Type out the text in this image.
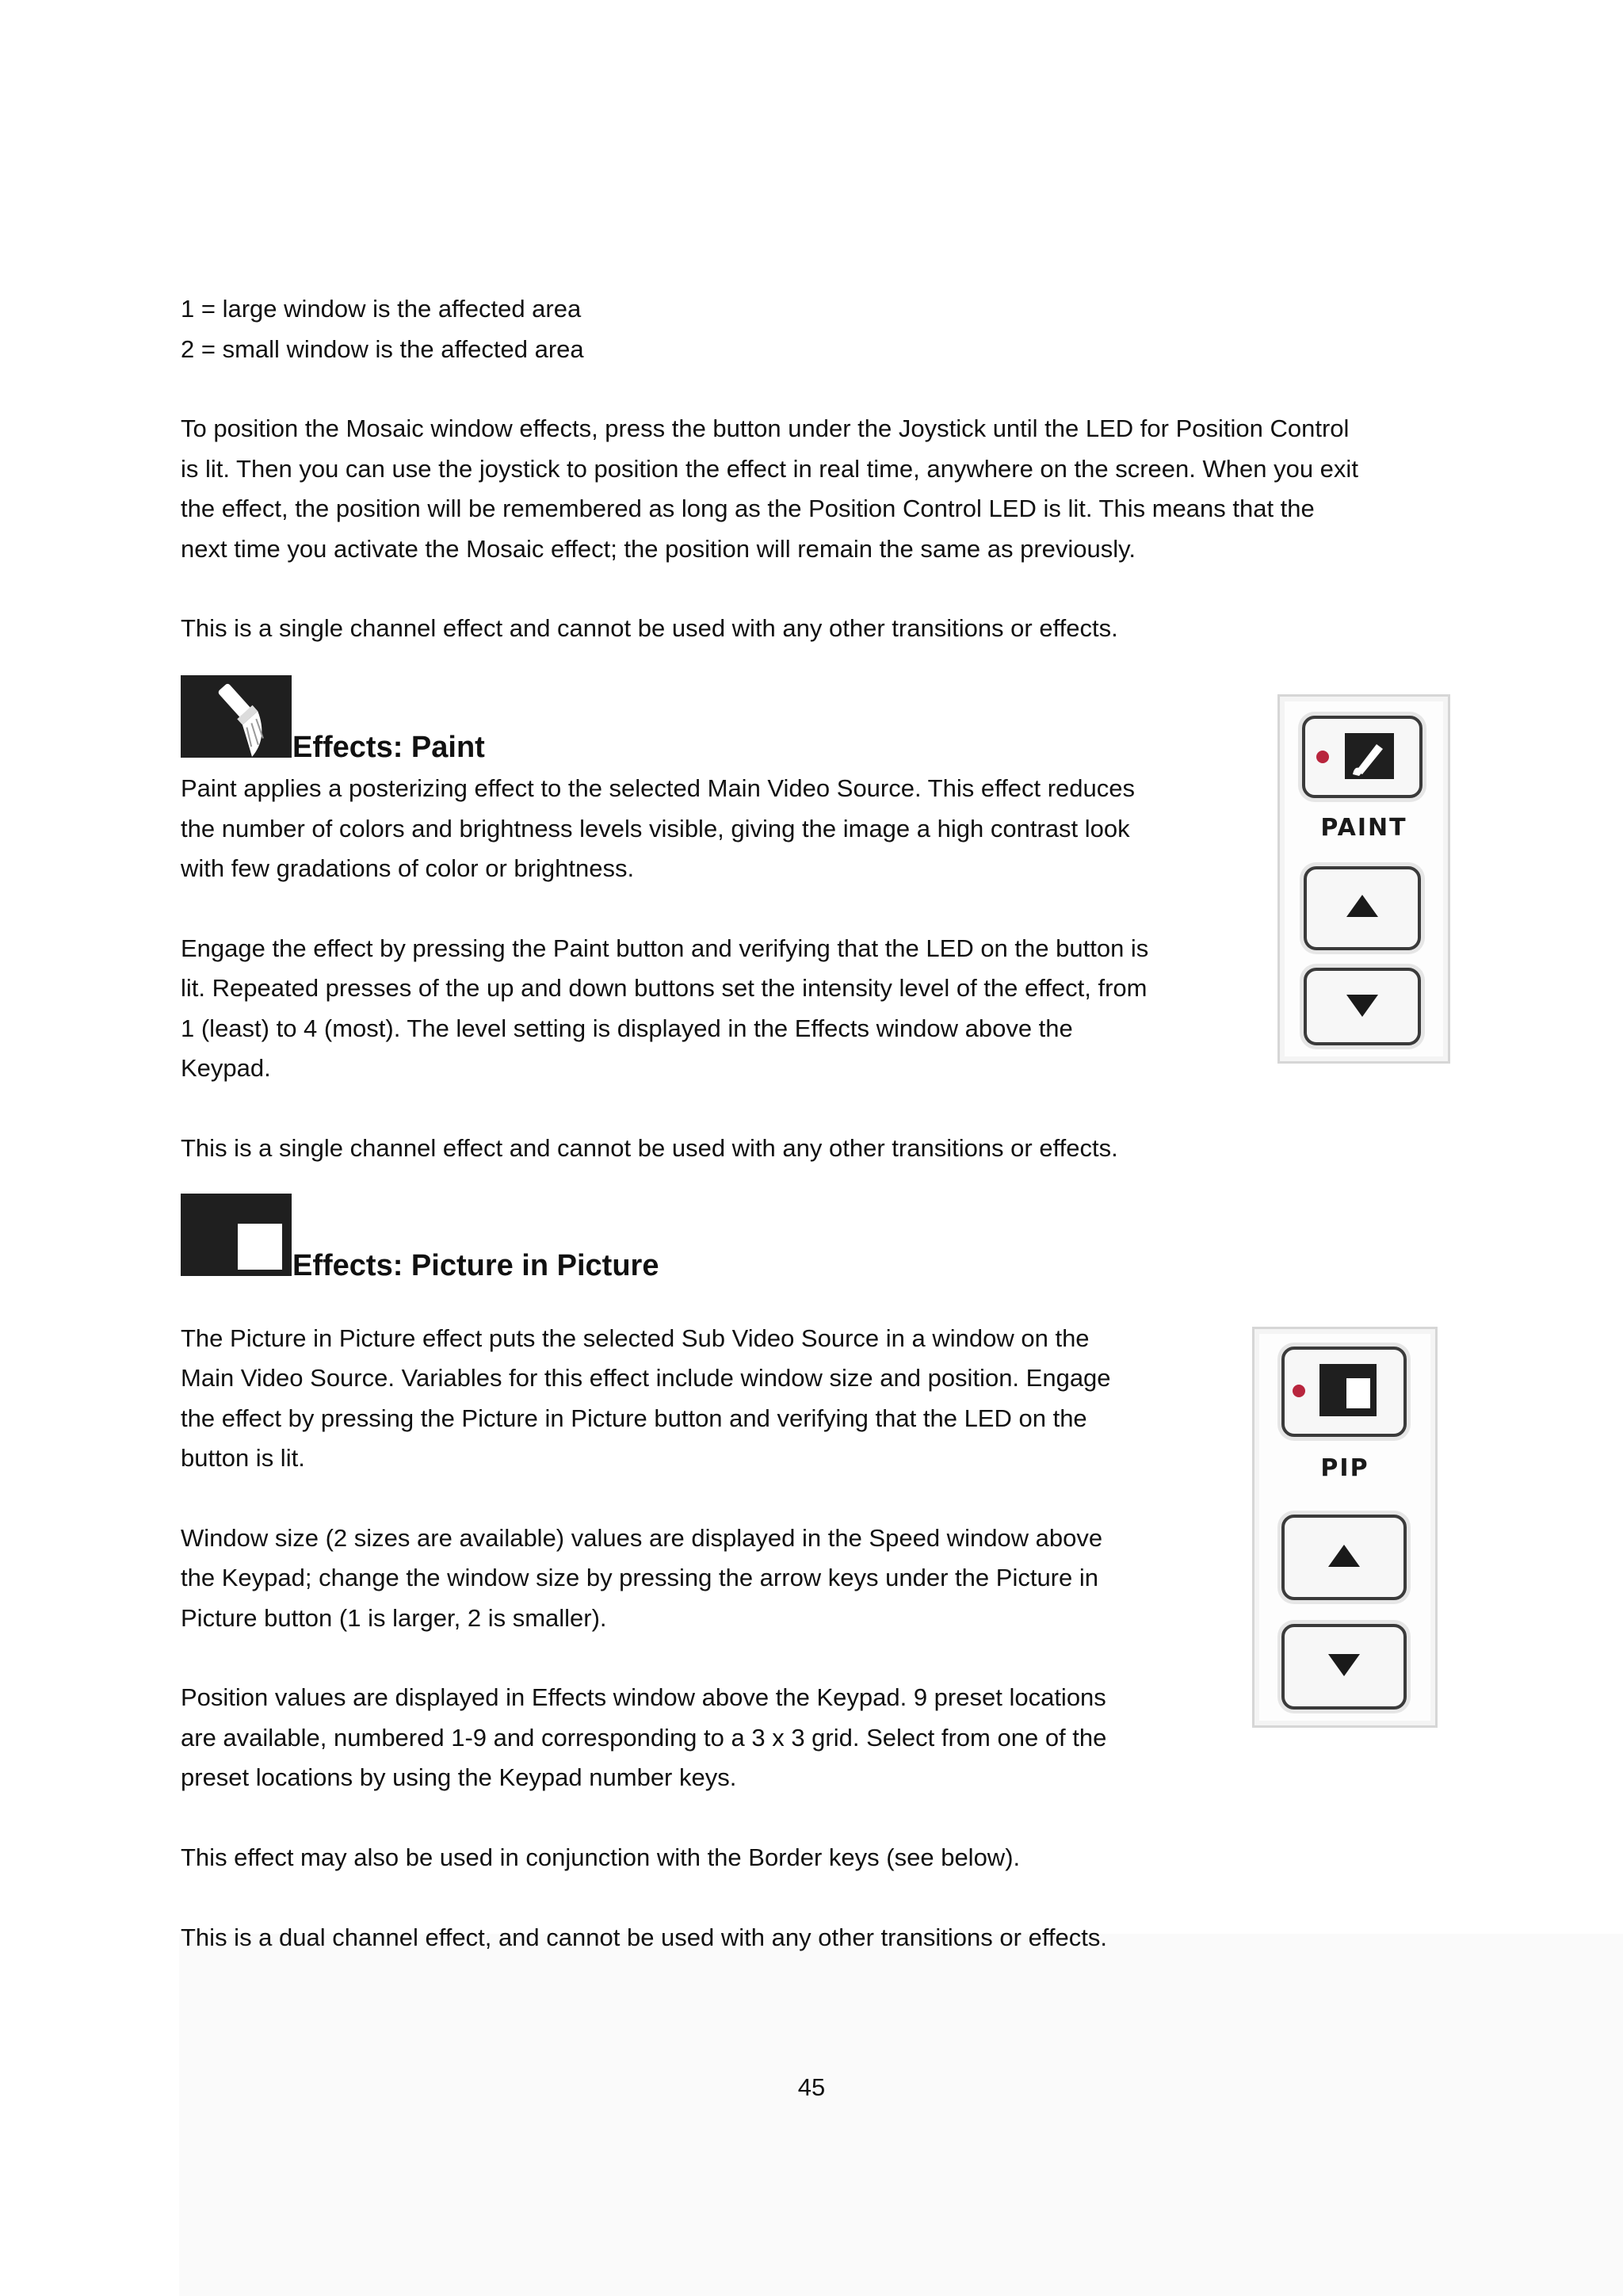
1 = large window is the affected area

2 = small window is the affected area

To position the Mosaic window effects, press the button under the Joystick until the LED for Position Control

is lit. Then you can use the joystick to position the effect in real time, anywhere on the screen. When you exit

the effect, the position will be remembered as long as the Position Control LED is lit. This means that the

next time you activate the Mosaic effect; the position will remain the same as previously.

This is a single channel effect and cannot be used with any other transitions or effects.

Effects: Paint

Paint applies a posterizing effect to the selected Main Video Source. This effect reduces

the number of colors and brightness levels visible, giving the image a high contrast look

with few gradations of color or brightness.

Engage the effect by pressing the Paint button and verifying that the LED on the button is

lit. Repeated presses of the up and down buttons set the intensity level of the effect, from

1 (least) to 4 (most). The level setting is displayed in the Effects window above the

Keypad.

This is a single channel effect and cannot be used with any other transitions or effects.

PAINT
Effects: Picture in Picture

The Picture in Picture effect puts the selected Sub Video Source in a window on the

Main Video Source. Variables for this effect include window size and position. Engage

the effect by pressing the Picture in Picture button and verifying that the LED on the

button is lit.

Window size (2 sizes are available) values are displayed in the Speed window above

the Keypad; change the window size by pressing the arrow keys under the Picture in

Picture button (1 is larger, 2 is smaller).

Position values are displayed in Effects window above the Keypad. 9 preset locations

are available, numbered 1-9 and corresponding to a 3 x 3 grid. Select from one of the

preset locations by using the Keypad number keys.

This effect may also be used in conjunction with the Border keys (see below).

This is a dual channel effect, and cannot be used with any other transitions or effects.

PIP
45
